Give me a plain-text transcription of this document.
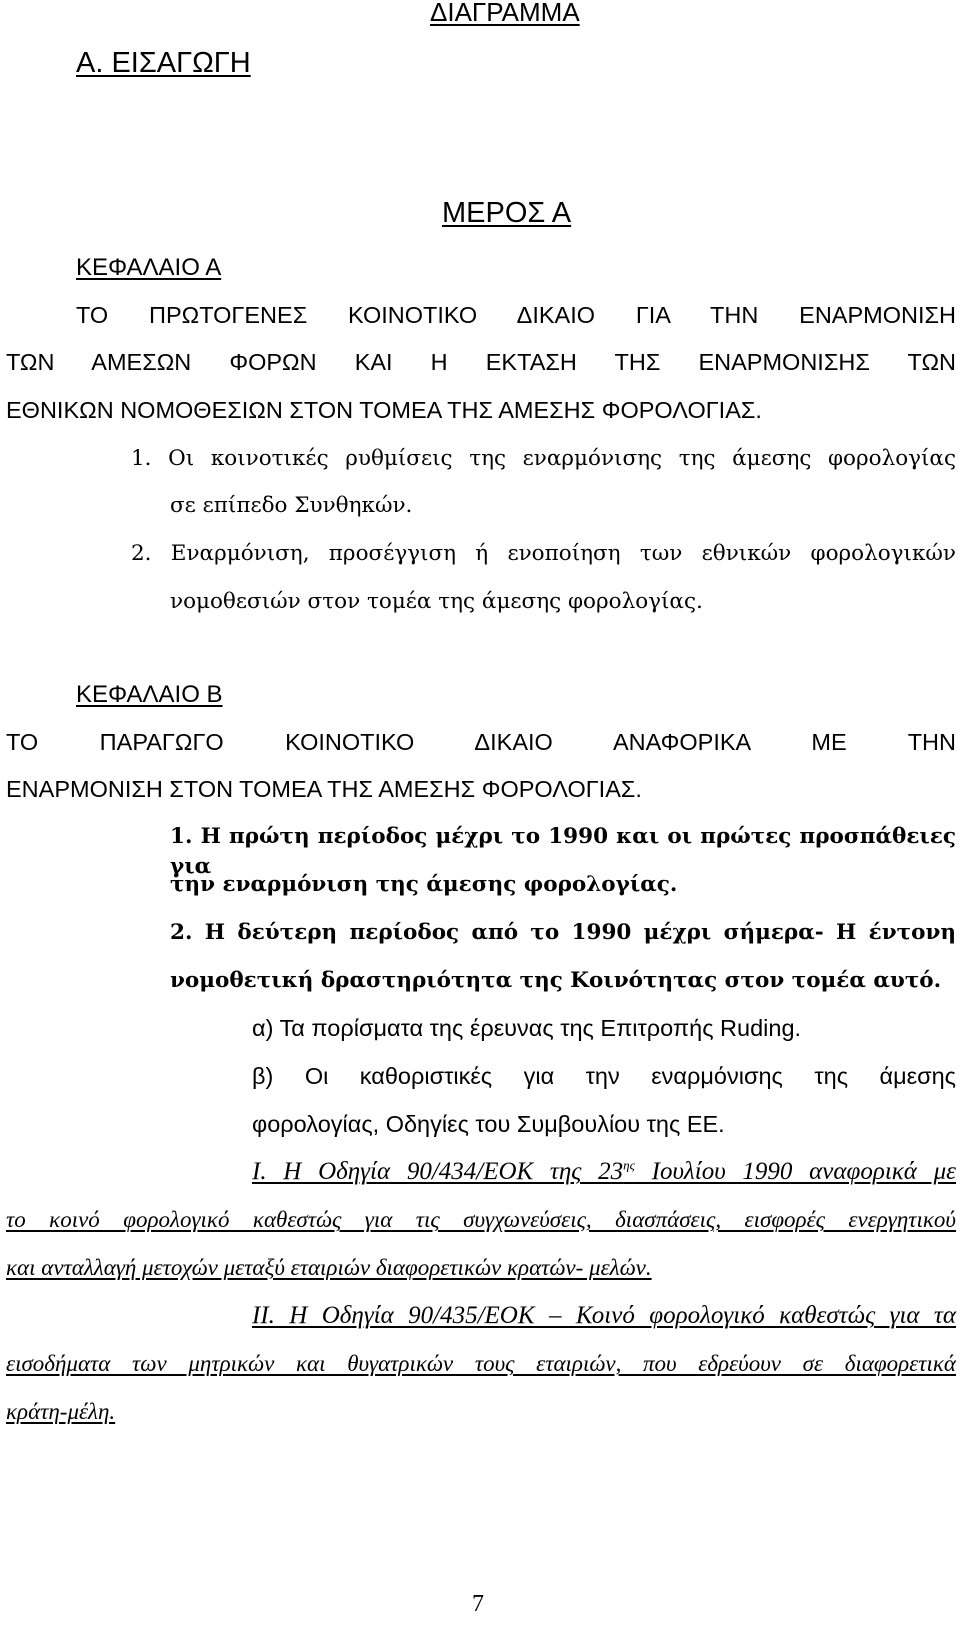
ΔΙΑΓΡΑΜΜΑ
Α. ΕΙΣΑΓΩΓΗ
ΜΕΡΟΣ Α
ΚΕΦΑΛΑΙΟ Α
ΤΟ ΠΡΩΤΟΓΕΝΕΣ ΚΟΙΝΟΤΙΚΟ ΔΙΚΑΙΟ ΓΙΑ ΤΗΝ ΕΝΑΡΜΟΝΙΣΗ
ΤΩΝ ΑΜΕΣΩΝ ΦΟΡΩΝ ΚΑΙ Η ΕΚΤΑΣΗ ΤΗΣ ΕΝΑΡΜΟΝΙΣΗΣ ΤΩΝ
ΕΘΝΙΚΩΝ ΝΟΜΟΘΕΣΙΩΝ ΣΤΟΝ ΤΟΜΕΑ ΤΗΣ ΑΜΕΣΗΣ ΦΟΡΟΛΟΓΙΑΣ.
1. Οι κοινοτικές ρυθμίσεις της εναρμόνισης της άμεσης φορολογίας
σε επίπεδο Συνθηκών.
2. Εναρμόνιση, προσέγγιση ή ενοποίηση των εθνικών φορολογικών
νομοθεσιών στον τομέα της άμεσης φορολογίας.
ΚΕΦΑΛΑΙΟ Β
ΤΟ ΠΑΡΑΓΩΓΟ ΚΟΙΝΟΤΙΚΟ ΔΙΚΑΙΟ ΑΝΑΦΟΡΙΚΑ ΜΕ ΤΗΝ
ΕΝΑΡΜΟΝΙΣΗ ΣΤΟΝ ΤΟΜΕΑ ΤΗΣ ΑΜΕΣΗΣ ΦΟΡΟΛΟΓΙΑΣ.
1. Η πρώτη περίοδος μέχρι το 1990 και οι πρώτες προσπάθειες για
την εναρμόνιση της άμεσης φορολογίας.
2. Η δεύτερη περίοδος από το 1990 μέχρι σήμερα- Η έντονη
νομοθετική δραστηριότητα της Κοινότητας στον τομέα αυτό.
α) Τα πορίσματα της έρευνας της Επιτροπής Ruding.
β) Οι καθοριστικές για την εναρμόνισης της άμεσης
φορολογίας, Οδηγίες του Συμβουλίου της ΕΕ.
Ι. Η Οδηγία 90/434/ΕΟΚ της $23^{\eta\varsigma}$ Ιουλίου 1990 αναφορικά με
το κοινό φορολογικό καθεστώς για τις συγχωνεύσεις, διασπάσεις, εισφορές ενεργητικού
και ανταλλαγή μετοχών μεταξύ εταιριών διαφορετικών κρατών- μελών.
ΙΙ. Η Οδηγία 90/435/ΕΟΚ – Κοινό φορολογικό καθεστώς για τα
εισοδήματα των μητρικών και θυγατρικών τους εταιριών, που εδρεύουν σε διαφορετικά
κράτη-μέλη.
7
